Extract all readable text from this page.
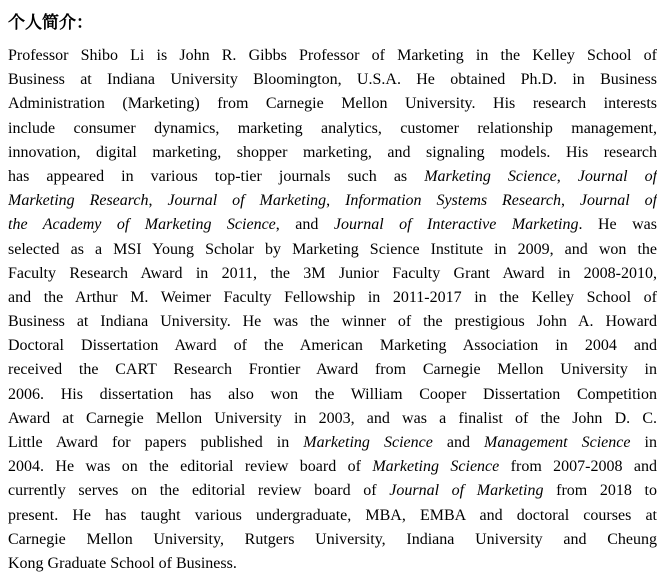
个人简介：
Professor Shibo Li is John R. Gibbs Professor of Marketing in the Kelley School of
Business at Indiana University Bloomington, U.S.A. He obtained Ph.D. in Business
Administration (Marketing) from Carnegie Mellon University. His research interests
include consumer dynamics, marketing analytics, customer relationship management,
innovation, digital marketing, shopper marketing, and signaling models. His research
has appeared in various top-tier journals such as Marketing Science, Journal of
Marketing Research, Journal of Marketing, Information Systems Research, Journal of
the Academy of Marketing Science, and Journal of Interactive Marketing. He was
selected as a MSI Young Scholar by Marketing Science Institute in 2009, and won the
Faculty Research Award in 2011, the 3M Junior Faculty Grant Award in 2008-2010,
and the Arthur M. Weimer Faculty Fellowship in 2011-2017 in the Kelley School of
Business at Indiana University. He was the winner of the prestigious John A. Howard
Doctoral Dissertation Award of the American Marketing Association in 2004 and
received the CART Research Frontier Award from Carnegie Mellon University in
2006. His dissertation has also won the William Cooper Dissertation Competition
Award at Carnegie Mellon University in 2003, and was a finalist of the John D. C.
Little Award for papers published in Marketing Science and Management Science in
2004. He was on the editorial review board of Marketing Science from 2007-2008 and
currently serves on the editorial review board of Journal of Marketing from 2018 to
present. He has taught various undergraduate, MBA, EMBA and doctoral courses at
Carnegie Mellon University, Rutgers University, Indiana University and Cheung
Kong Graduate School of Business.
